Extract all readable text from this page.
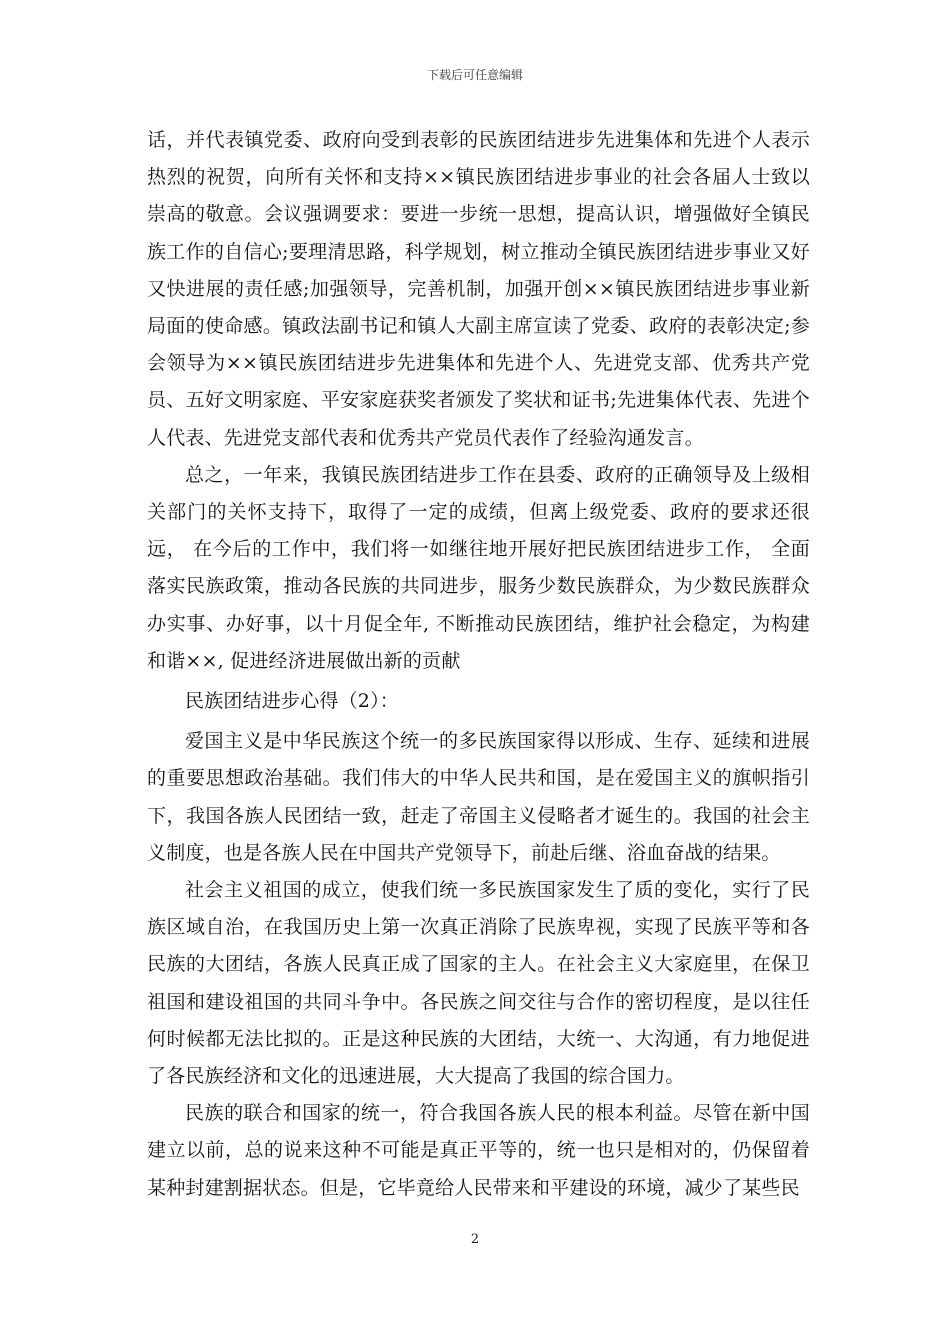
下载后可任意编辑

话，并代表镇党委、政府向受到表彰的民族团结进步先进集体和先进个人表示热烈的祝贺，向所有关怀和支持××镇民族团结进步事业的社会各届人士致以崇高的敬意。会议强调要求：要进一步统一思想，提高认识，增强做好全镇民族工作的自信心;要理清思路，科学规划，树立推动全镇民族团结进步事业又好又快进展的责任感;加强领导，完善机制，加强开创××镇民族团结进步事业新局面的使命感。镇政法副书记和镇人大副主席宣读了党委、政府的表彰决定;参会领导为××镇民族团结进步先进集体和先进个人、先进党支部、优秀共产党员、五好文明家庭、平安家庭获奖者颁发了奖状和证书;先进集体代表、先进个人代表、先进党支部代表和优秀共产党员代表作了经验沟通发言。

总之，一年来，我镇民族团结进步工作在县委、政府的正确领导及上级相关部门的关怀支持下，取得了一定的成绩，但离上级党委、政府的要求还很远， 在今后的工作中，我们将一如继往地开展好把民族团结进步工作， 全面落实民族政策，推动各民族的共同进步，服务少数民族群众，为少数民族群众办实事、办好事，以十月促全年, 不断推动民族团结，维护社会稳定，为构建和谐××, 促进经济进展做出新的贡献

民族团结进步心得（2）：

爱国主义是中华民族这个统一的多民族国家得以形成、生存、延续和进展的重要思想政治基础。我们伟大的中华人民共和国，是在爱国主义的旗帜指引下，我国各族人民团结一致，赶走了帝国主义侵略者才诞生的。我国的社会主义制度，也是各族人民在中国共产党领导下，前赴后继、浴血奋战的结果。

社会主义祖国的成立，使我们统一多民族国家发生了质的变化，实行了民族区域自治，在我国历史上第一次真正消除了民族卑视，实现了民族平等和各民族的大团结，各族人民真正成了国家的主人。在社会主义大家庭里，在保卫祖国和建设祖国的共同斗争中。各民族之间交往与合作的密切程度，是以往任何时候都无法比拟的。正是这种民族的大团结，大统一、大沟通，有力地促进了各民族经济和文化的迅速进展，大大提高了我国的综合国力。

民族的联合和国家的统一，符合我国各族人民的根本利益。尽管在新中国建立以前，总的说来这种不可能是真正平等的，统一也只是相对的，仍保留着某种封建割据状态。但是，它毕竟给人民带来和平建设的环境，减少了某些民

2
